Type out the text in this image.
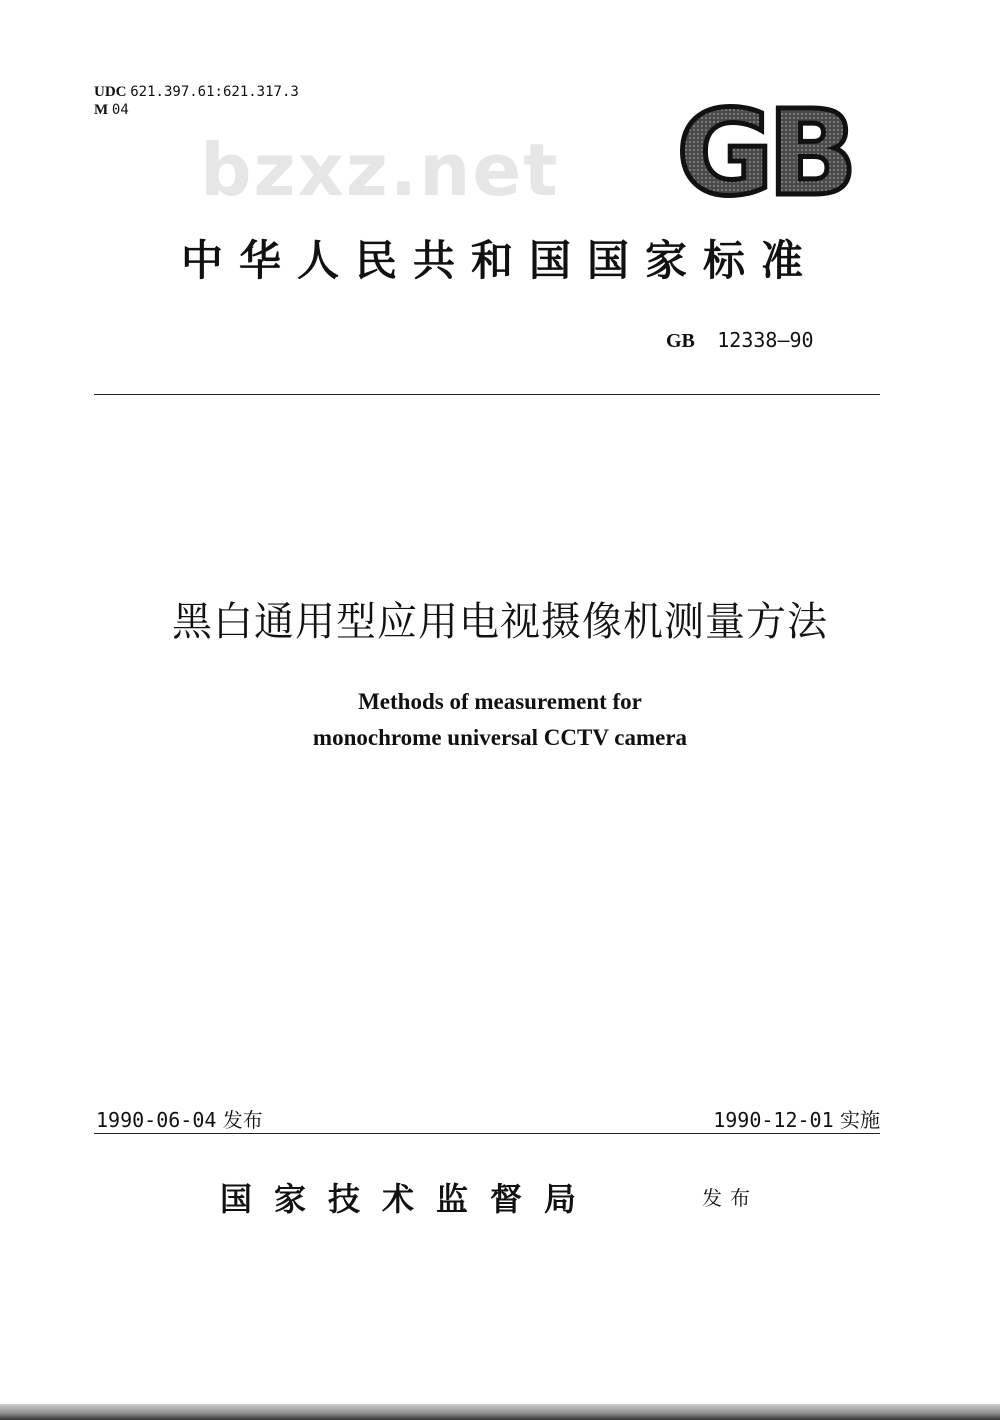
UDC 621.397.61:621.317.3
M 04
bzxz.net GB
中华人民共和国国家标准
GB 12338—90
黑白通用型应用电视摄像机测量方法
Methods of measurement for
monochrome universal CCTV camera
1990-06-04 发布	1990-12-01 实施
国家技术监督局	发布
